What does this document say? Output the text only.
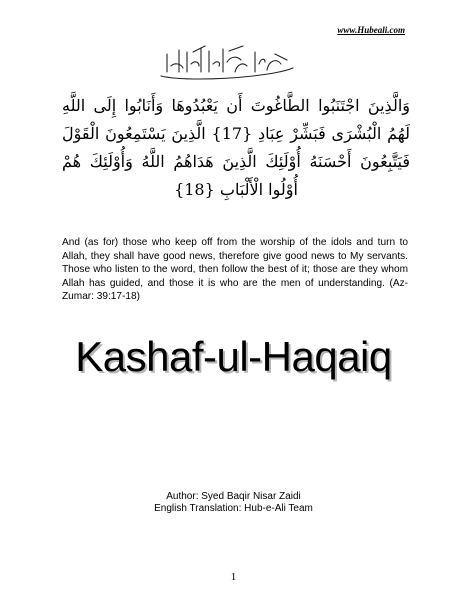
www.Hubeali.com
بِسْمِ اللهِ الرَّحْمٰنِ الرَّحِيْمِ
وَالَّذِينَ اجْتَنَبُوا الطَّاغُوتَ أَن يَعْبُدُوهَا وَأَنَابُوا إِلَى اللَّهِ لَهُمُ الْبُشْرَى فَبَشِّرْ عِبَادِ {17} الَّذِينَ يَسْتَمِعُونَ الْقَوْلَ فَيَتَّبِعُونَ أَحْسَنَهُ أُوْلَئِكَ الَّذِينَ هَدَاهُمُ اللَّهُ وَأُوْلَئِكَ هُمْ أُوْلُوا الْأَلْبَابِ {18}
And (as for) those who keep off from the worship of the idols and turn to Allah, they shall have good news, therefore give good news to My servants. Those who listen to the word, then follow the best of it; those are they whom Allah has guided, and those it is who are the men of understanding. (Az-Zumar: 39:17-18)
Kashaf-ul-Haqaiq
Author: Syed Baqir Nisar Zaidi
English Translation: Hub-e-Ali Team
1
